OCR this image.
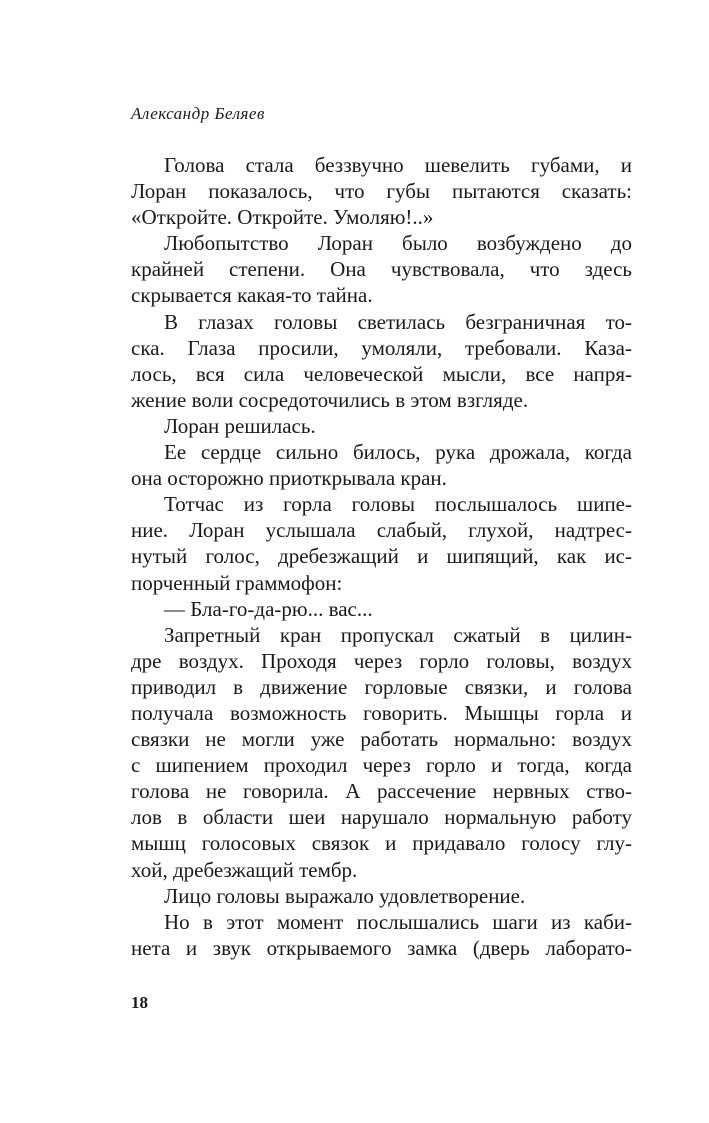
Александр Беляев
Голова стала беззвучно шевелить губами, и
Лоран показалось, что губы пытаются сказать:
«Откройте. Откройте. Умоляю!..»
Любопытство Лоран было возбуждено до
крайней степени. Она чувствовала, что здесь
скрывается какая-то тайна.
В глазах головы светилась безграничная то-
ска. Глаза просили, умоляли, требовали. Каза-
лось, вся сила человеческой мысли, все напря-
жение воли сосредоточились в этом взгляде.
Лоран решилась.
Ее сердце сильно билось, рука дрожала, когда
она осторожно приоткрывала кран.
Тотчас из горла головы послышалось шипе-
ние. Лоран услышала слабый, глухой, надтрес-
нутый голос, дребезжащий и шипящий, как ис-
порченный граммофон:
— Бла-го-да-рю... вас...
Запретный кран пропускал сжатый в цилин-
дре воздух. Проходя через горло головы, воздух
приводил в движение горловые связки, и голова
получала возможность говорить. Мышцы горла и
связки не могли уже работать нормально: воздух
с шипением проходил через горло и тогда, когда
голова не говорила. А рассечение нервных ство-
лов в области шеи нарушало нормальную работу
мышц голосовых связок и придавало голосу глу-
хой, дребезжащий тембр.
Лицо головы выражало удовлетворение.
Но в этот момент послышались шаги из каби-
нета и звук открываемого замка (дверь лаборато-
18
